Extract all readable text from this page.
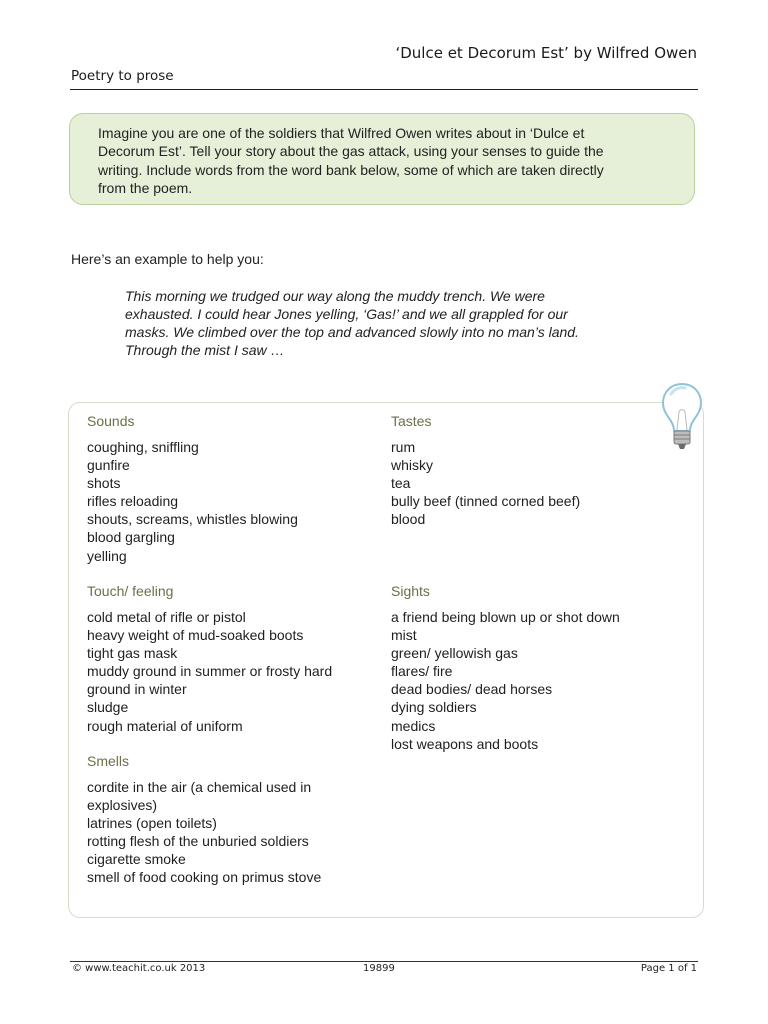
‘Dulce et Decorum Est’ by Wilfred Owen
Poetry to prose
Imagine you are one of the soldiers that Wilfred Owen writes about in ‘Dulce et
Decorum Est’. Tell your story about the gas attack, using your senses to guide the
writing. Include words from the word bank below, some of which are taken directly
from the poem.
Here’s an example to help you:
This morning we trudged our way along the muddy trench. We were
exhausted. I could hear Jones yelling, ‘Gas!’ and we all grappled for our
masks. We climbed over the top and advanced slowly into no man’s land.
Through the mist I saw …
Sounds
coughing, sniffling
gunfire
shots
rifles reloading
shouts, screams, whistles blowing
blood gargling
yelling
Tastes
rum
whisky
tea
bully beef (tinned corned beef)
blood
Touch/ feeling
cold metal of rifle or pistol
heavy weight of mud-soaked boots
tight gas mask
muddy ground in summer or frosty hard
ground in winter
sludge
rough material of uniform
Sights
a friend being blown up or shot down
mist
green/ yellowish gas
flares/ fire
dead bodies/ dead horses
dying soldiers
medics
lost weapons and boots
Smells
cordite in the air (a chemical used in
explosives)
latrines (open toilets)
rotting flesh of the unburied soldiers
cigarette smoke
smell of food cooking on primus stove
© www.teachit.co.uk 2013	19899	Page 1 of 1
